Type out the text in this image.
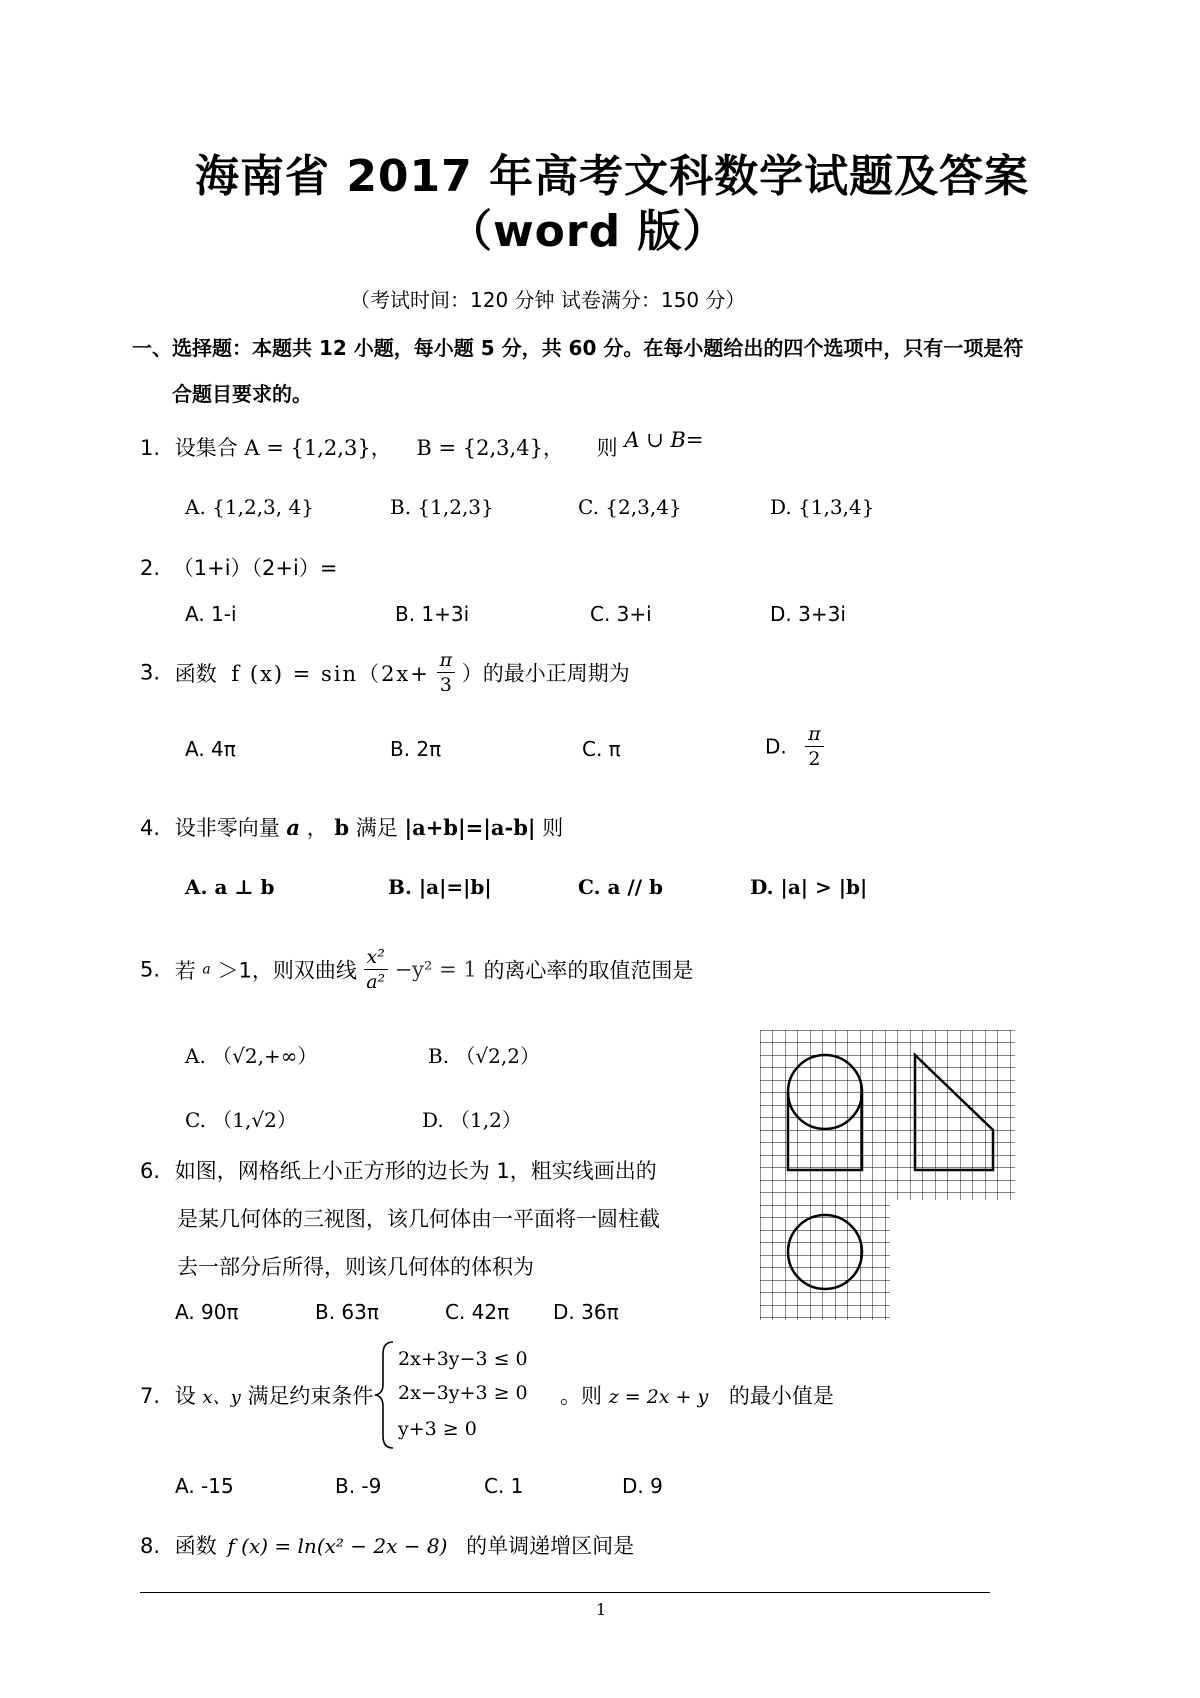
海南省 2017 年高考文科数学试题及答案
（word 版）
（考试时间：120 分钟 试卷满分：150 分）
一、选择题：本题共 12 小题，每小题 5 分，共 60 分。在每小题给出的四个选项中，只有一项是符
合题目要求的。
1. 设集合 A = {1,2,3}， B = {2,3,4}， 则 A ∪ B=
A. {1,2,3, 4}	B. {1,2,3}	C. {2,3,4}	D. {1,3,4}
2. （1+i）（2+i）=
A. 1-i	B. 1+3i	C. 3+i	D. 3+3i
3. 函数 f $(x) = \sin(2x+ \frac{\pi}{3}$ ）的最小正周期为
A. 4π	B. 2π	C. π	D. $\frac{\pi}{2}$
4. 设非零向量 a ， b 满足 |a+b|=|a-b| 则
A. a ⊥ b	B. |a|=|b|	C. a // b	D. |a| > |b|
5. 若 a ＞1，则双曲线 $\frac{\text{x²}}{\text{a²}} -y^2 = 1$ 的离心率的取值范围是
A. （√2,+∞）	B. （√2,2）
C. （1,√2）	D. （1,2）
6. 如图，网格纸上小正方形的边长为 1，粗实线画出的
是某几何体的三视图，该几何体由一平面将一圆柱截
去一部分后所得，则该几何体的体积为
A. 90π	B. 63π	C. 42π D. 36π
7. 设 x、y 满足约束条件
2x+3y−3 ≤ 0
2x−3y+3 ≥ 0
y+3 ≥ 0
。则 z = 2x + y 的最小值是
A. -15	B. -9	C. 1	D. 9
8. 函数 f (x) = ln(x² − 2x − 8) 的单调递增区间是
1
